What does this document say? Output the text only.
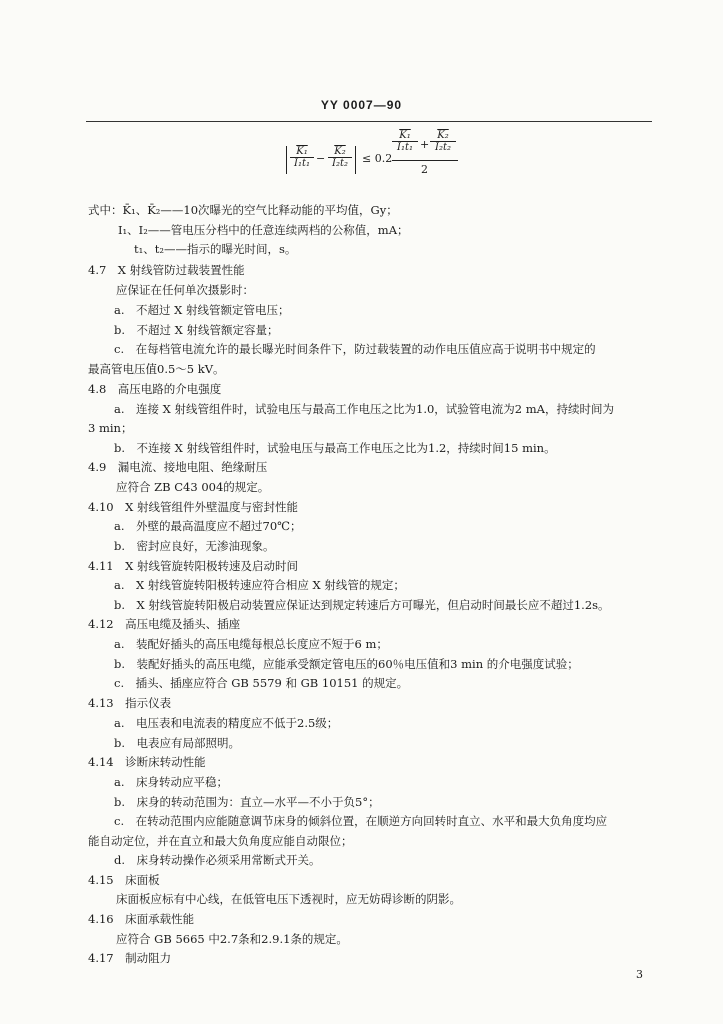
YY 0007—90
$\frac{\text{K₁}}{\text{I₁t₁}} - \frac{\text{K₂}}{\text{I₂t₂}} \le 0.2$
$\frac{\text{K₁}}{\text{I₁t₁}} + \frac{\text{K₂}}{\text{I₂t₂}}$
2
式中：K̄₁、K̄₂——10次曝光的空气比释动能的平均值，Gy；
I₁、I₂——管电压分档中的任意连续两档的公称值，mA；
t₁、t₂——指示的曝光时间，s。
4.7　X 射线管防过载装置性能
应保证在任何单次摄影时：
a.　不超过 X 射线管额定管电压；
b.　不超过 X 射线管额定容量；
c.　在每档管电流允许的最长曝光时间条件下，防过载装置的动作电压值应高于说明书中规定的
最高管电压值0.5～5 kV。
4.8　高压电路的介电强度
a.　连接 X 射线管组件时，试验电压与最高工作电压之比为1.0，试验管电流为2 mA，持续时间为
3 min；
b.　不连接 X 射线管组件时，试验电压与最高工作电压之比为1.2，持续时间15 min。
4.9　漏电流、接地电阻、绝缘耐压
应符合 ZB C43 004的规定。
4.10　X 射线管组件外壁温度与密封性能
a.　外壁的最高温度应不超过70℃；
b.　密封应良好，无渗油现象。
4.11　X 射线管旋转阳极转速及启动时间
a.　X 射线管旋转阳极转速应符合相应 X 射线管的规定；
b.　X 射线管旋转阳极启动装置应保证达到规定转速后方可曝光，但启动时间最长应不超过1.2s。
4.12　高压电缆及插头、插座
a.　装配好插头的高压电缆每根总长度应不短于6 m；
b.　装配好插头的高压电缆，应能承受额定管电压的60％电压值和3 min 的介电强度试验；
c.　插头、插座应符合 GB 5579 和 GB 10151 的规定。
4.13　指示仪表
a.　电压表和电流表的精度应不低于2.5级；
b.　电表应有局部照明。
4.14　诊断床转动性能
a.　床身转动应平稳；
b.　床身的转动范围为：直立—水平—不小于负5°；
c.　在转动范围内应能随意调节床身的倾斜位置，在顺逆方向回转时直立、水平和最大负角度均应
能自动定位，并在直立和最大负角度应能自动限位；
d.　床身转动操作必须采用常断式开关。
4.15　床面板
床面板应标有中心线，在低管电压下透视时，应无妨碍诊断的阴影。
4.16　床面承载性能
应符合 GB 5665 中2.7条和2.9.1条的规定。
4.17　制动阻力
3
